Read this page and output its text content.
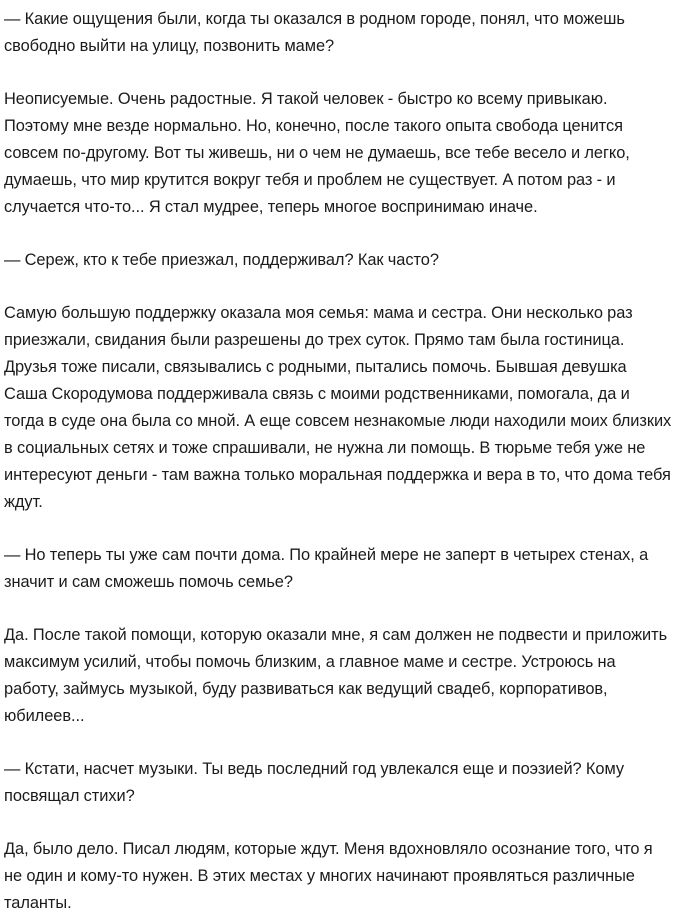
— Какие ощущения были, когда ты оказался в родном городе, понял, что можешь свободно выйти на улицу, позвонить маме?

Неописуемые. Очень радостные. Я такой человек - быстро ко всему привыкаю. Поэтому мне везде нормально. Но, конечно, после такого опыта свобода ценится совсем по-другому. Вот ты живешь, ни о чем не думаешь, все тебе весело и легко, думаешь, что мир крутится вокруг тебя и проблем не существует. А потом раз - и случается что-то... Я стал мудрее, теперь многое воспринимаю иначе.

— Сереж, кто к тебе приезжал, поддерживал? Как часто?

Самую большую поддержку оказала моя семья: мама и сестра. Они несколько раз приезжали, свидания были разрешены до трех суток. Прямо там была гостиница. Друзья тоже писали, связывались с родными, пытались помочь. Бывшая девушка Саша Скородумова поддерживала связь с моими родственниками, помогала, да и тогда в суде она была со мной. А еще совсем незнакомые люди находили моих близких в социальных сетях и тоже спрашивали, не нужна ли помощь. В тюрьме тебя уже не интересуют деньги - там важна только моральная поддержка и вера в то, что дома тебя ждут.

— Но теперь ты уже сам почти дома. По крайней мере не заперт в четырех стенах, а значит и сам сможешь помочь семье?

Да. После такой помощи, которую оказали мне, я сам должен не подвести и приложить максимум усилий, чтобы помочь близким, а главное маме и сестре. Устроюсь на работу, займусь музыкой, буду развиваться как ведущий свадеб, корпоративов, юбилеев...

— Кстати, насчет музыки. Ты ведь последний год увлекался еще и поэзией? Кому посвящал стихи?

Да, было дело. Писал людям, которые ждут. Меня вдохновляло осознание того, что я не один и кому-то нужен. В этих местах у многих начинают проявляться различные таланты.
